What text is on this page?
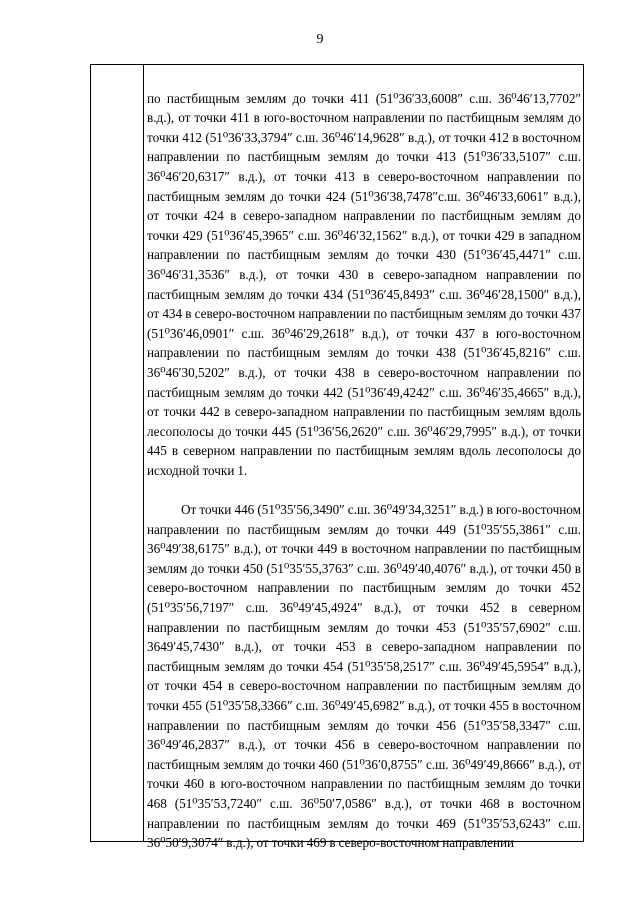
9

по пастбищным землям до точки 411 (51⁰36′33,6008″ с.ш. 36⁰46′13,7702″ в.д.), от точки 411 в юго-восточном направлении по пастбищным землям до точки 412 (51⁰36′33,3794″ с.ш. 36⁰46′14,9628″ в.д.), от точки 412 в восточном направлении по пастбищным землям до точки 413 (51⁰36′33,5107″ с.ш. 36⁰46′20,6317″ в.д.), от точки 413 в северо-восточном направлении по пастбищным землям до точки 424 (51⁰36′38,7478″с.ш. 36⁰46′33,6061″ в.д.), от точки 424 в северо-западном направлении по пастбищным землям до точки 429 (51⁰36′45,3965″ с.ш. 36⁰46′32,1562″ в.д.), от точки 429 в западном направлении по пастбищным землям до точки 430 (51⁰36′45,4471″ с.ш. 36⁰46′31,3536″ в.д.), от точки 430 в северо-западном направлении по пастбищным землям до точки 434 (51⁰36′45,8493″ с.ш. 36⁰46′28,1500″ в.д.), от 434 в северо-восточном направлении по пастбищным землям до точки 437 (51⁰36′46,0901″ с.ш. 36⁰46′29,2618″ в.д.), от точки 437 в юго-восточном направлении по пастбищным землям до точки 438 (51⁰36′45,8216″ с.ш. 36⁰46′30,5202″ в.д.), от точки 438 в северо-восточном направлении по пастбищным землям до точки 442 (51⁰36′49,4242″ с.ш. 36⁰46′35,4665″ в.д.), от точки 442 в северо-западном направлении по пастбищным землям вдоль лесополосы до точки 445 (51⁰36′56,2620″ с.ш. 36⁰46′29,7995″ в.д.), от точки 445 в северном направлении по пастбищным землям вдоль лесополосы до исходной точки 1.

От точки 446 (51⁰35′56,3490″ с.ш. 36⁰49′34,3251″ в.д.) в юго-восточном направлении по пастбищным землям до точки 449 (51⁰35′55,3861″ с.ш. 36⁰49′38,6175″ в.д.), от точки 449 в восточном направлении по пастбищным землям до точки 450 (51⁰35′55,3763″ с.ш. 36⁰49′40,4076″ в.д.), от точки 450 в северо-восточном направлении по пастбищным землям до точки 452 (51⁰35′56,7197″ с.ш. 36⁰49′45,4924″ в.д.), от точки 452 в северном направлении по пастбищным землям до точки 453 (51⁰35′57,6902″ с.ш. 3649′45,7430″ в.д.), от точки 453 в северо-западном направлении по пастбищным землям до точки 454 (51⁰35′58,2517″ с.ш. 36⁰49′45,5954″ в.д.), от точки 454 в северо-восточном направлении по пастбищным землям до точки 455 (51⁰35′58,3366″ с.ш. 36⁰49′45,6982″ в.д.), от точки 455 в восточном направлении по пастбищным землям до точки 456 (51⁰35′58,3347″ с.ш. 36⁰49′46,2837″ в.д.), от точки 456 в северо-восточном направлении по пастбищным землям до точки 460 (51⁰36′0,8755″ с.ш. 36⁰49′49,8666″ в.д.), от точки 460 в юго-восточном направлении по пастбищным землям до точки 468 (51⁰35′53,7240″ с.ш. 36⁰50′7,0586″ в.д.), от точки 468 в восточном направлении по пастбищным землям до точки 469 (51⁰35′53,6243″ с.ш. 36⁰50′9,3074″ в.д.), от точки 469 в северо-восточном направлении
